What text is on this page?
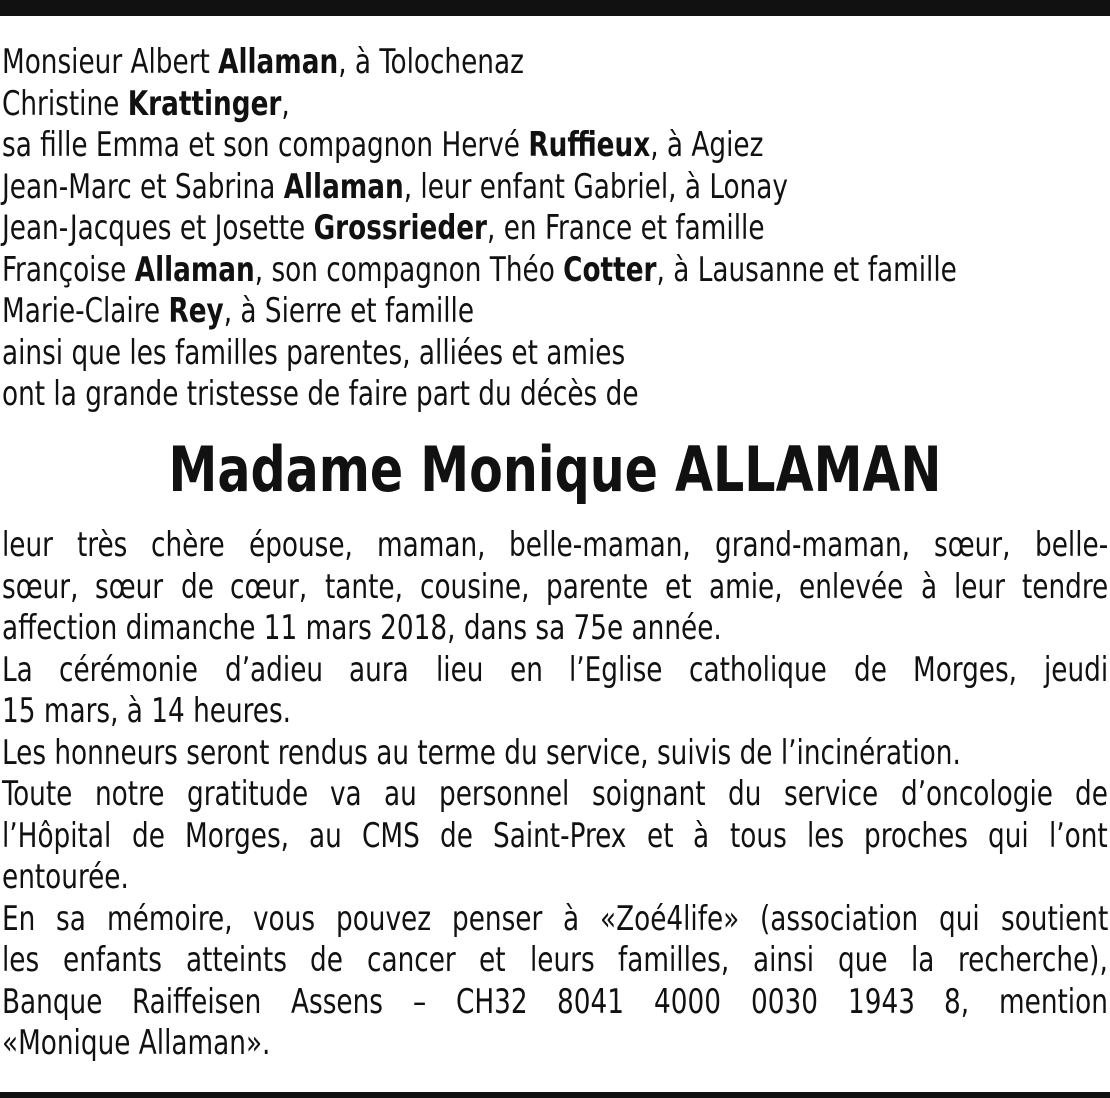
Monsieur Albert Allaman, à Tolochenaz
Christine Krattinger,
sa fille Emma et son compagnon Hervé Ruffieux, à Agiez
Jean-Marc et Sabrina Allaman, leur enfant Gabriel, à Lonay
Jean-Jacques et Josette Grossrieder, en France et famille
Françoise Allaman, son compagnon Théo Cotter, à Lausanne et famille
Marie-Claire Rey, à Sierre et famille
ainsi que les familles parentes, alliées et amies
ont la grande tristesse de faire part du décès de
Madame Monique ALLAMAN
leur très chère épouse, maman, belle-maman, grand-maman, sœur, belle-
sœur, sœur de cœur, tante, cousine, parente et amie, enlevée à leur tendre
affection dimanche 11 mars 2018, dans sa 75e année.
La cérémonie d’adieu aura lieu en l’Eglise catholique de Morges, jeudi
15 mars, à 14 heures.
Les honneurs seront rendus au terme du service, suivis de l’incinération.
Toute notre gratitude va au personnel soignant du service d’oncologie de
l’Hôpital de Morges, au CMS de Saint-Prex et à tous les proches qui l’ont
entourée.
En sa mémoire, vous pouvez penser à «Zoé4life» (association qui soutient
les enfants atteints de cancer et leurs familles, ainsi que la recherche),
Banque Raiffeisen Assens – CH32 8041 4000 0030 1943 8, mention
«Monique Allaman».
